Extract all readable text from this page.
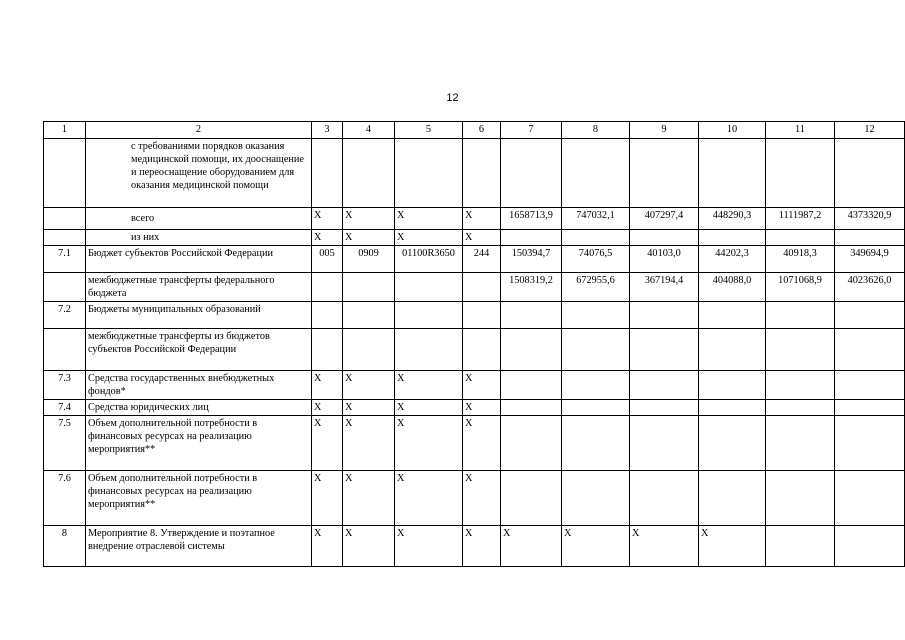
12
1	2	3	4	5	6	7	8	9	10	11	12
	с требованиями порядков оказания медицинской помощи, их дооснащение и переоснащение оборудованием для оказания медицинской помощи										
	всего	Х	Х	Х	Х	1658713,9	747032,1	407297,4	448290,3	1111987,2	4373320,9
	из них	Х	Х	Х	Х						
7.1	Бюджет субъектов Российской Федерации	005	0909	01100R3650	244	150394,7	74076,5	40103,0	44202,3	40918,3	349694,9
	межбюджетные трансферты федерального бюджета					1508319,2	672955,6	367194,4	404088,0	1071068,9	4023626,0
7.2	Бюджеты муниципальных образований										
	межбюджетные трансферты из бюджетов субъектов Российской Федерации										
7.3	Средства государственных внебюджетных фондов*	Х	Х	Х	Х						
7.4	Средства юридических лиц	Х	Х	Х	Х						
7.5	Объем дополнительной потребности в финансовых ресурсах на реализацию мероприятия**	Х	Х	Х	Х						
7.6	Объем дополнительной потребности в финансовых ресурсах на реализацию мероприятия**	Х	Х	Х	Х						
8	Мероприятие 8. Утверждение и поэтапное внедрение отраслевой системы	Х	Х	Х	Х	Х	Х	Х	Х		
